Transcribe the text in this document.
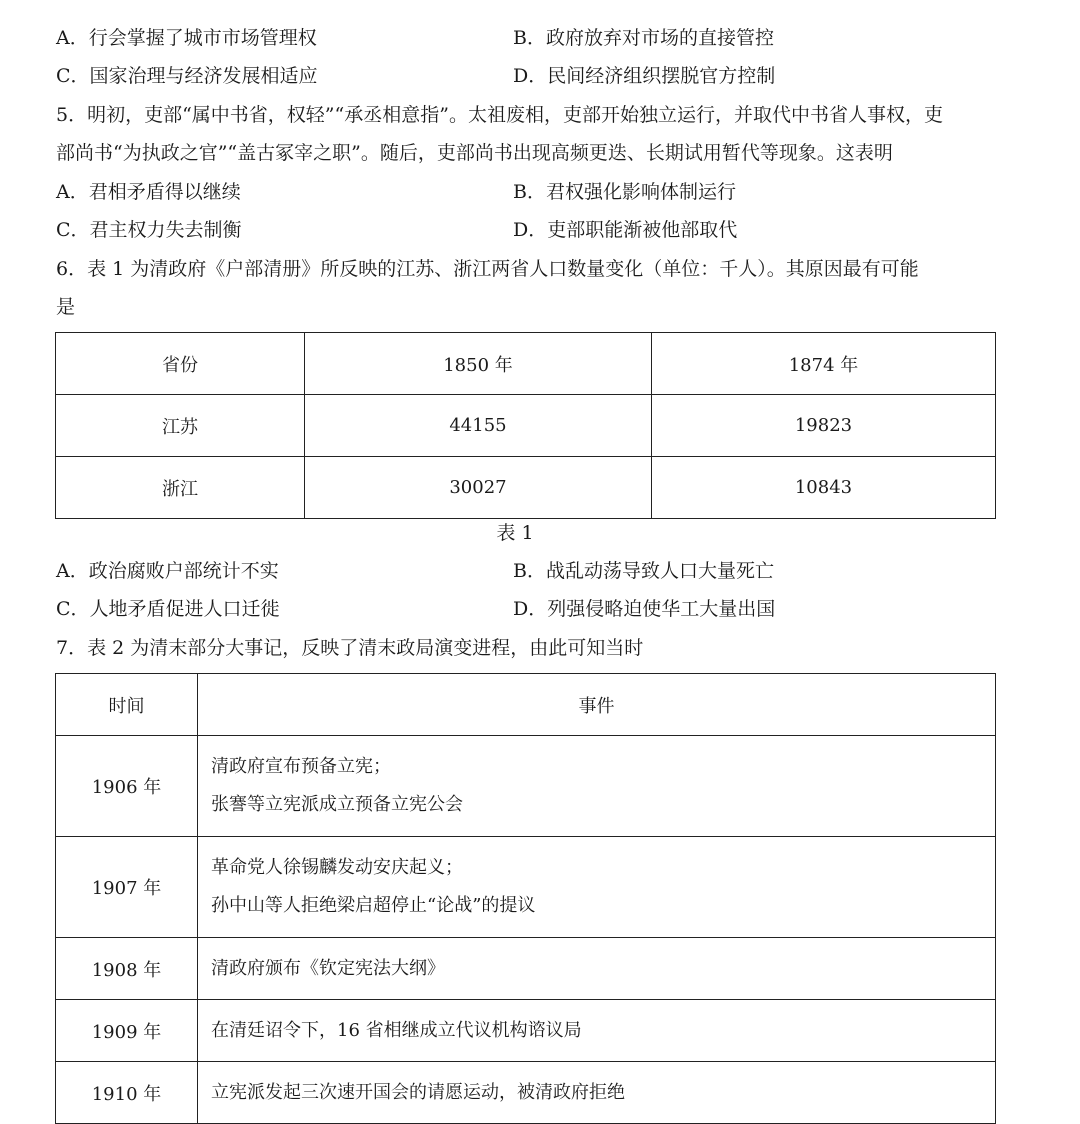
A．行会掌握了城市市场管理权	B．政府放弃对市场的直接管控
C．国家治理与经济发展相适应	D．民间经济组织摆脱官方控制
5．明初，吏部“属中书省，权轻”“承丞相意指”。太祖废相，吏部开始独立运行，并取代中书省人事权，吏
部尚书“为执政之官”“盖古冢宰之职”。随后，吏部尚书出现高频更迭、长期试用暂代等现象。这表明
A．君相矛盾得以继续	B．君权强化影响体制运行
C．君主权力失去制衡	D．吏部职能渐被他部取代
6．表 1 为清政府《户部清册》所反映的江苏、浙江两省人口数量变化（单位：千人）。其原因最有可能
是
省份	1850 年	1874 年
江苏	44155	19823
浙江	30027	10843
表 1
A．政治腐败户部统计不实	B．战乱动荡导致人口大量死亡
C．人地矛盾促进人口迁徙	D．列强侵略迫使华工大量出国
7．表 2 为清末部分大事记，反映了清末政局演变进程，由此可知当时
时间	事件
1906 年	清政府宣布预备立宪；
张謇等立宪派成立预备立宪公会

1907 年	革命党人徐锡麟发动安庆起义；
孙中山等人拒绝梁启超停止“论战”的提议

1908 年	清政府颁布《钦定宪法大纲》

1909 年	在清廷诏令下，16 省相继成立代议机构谘议局

1910 年	立宪派发起三次速开国会的请愿运动，被清政府拒绝
